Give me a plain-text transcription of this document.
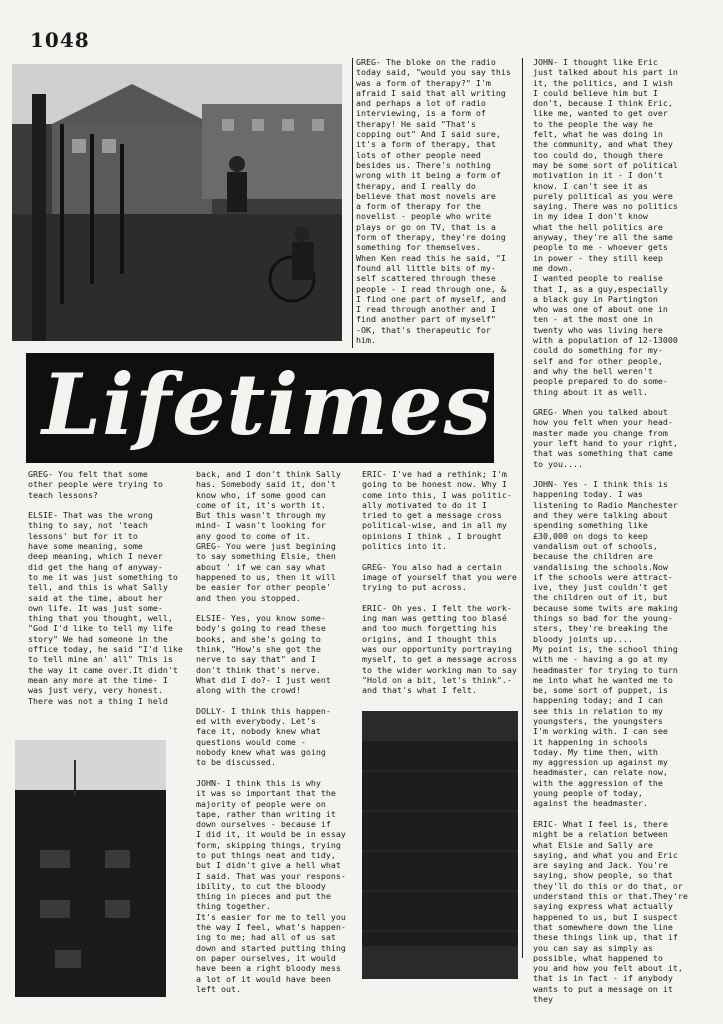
1048
GREG- The bloke on the radio
today said, "would you say this
was a form of therapy?" I'm
afraid I said that all writing
and perhaps a lot of radio
interviewing, is a form of
therapy! He said "That's
copping out" And I said sure,
it's a form of therapy, that
lots of other people need
besides us. There's nothing
wrong with it being a form of
therapy, and I really do
believe that most novels are
a form of therapy for the
novelist - people who write
plays or go on TV, that is a
form of therapy, they're doing
something for themselves.
When Ken read this he said, "I
found all little bits of my-
self scattered through these
people - I read through one, &
I find one part of myself, and
I read through another and I
find another part of myself"
-OK, that's therapeutic for
him.
JOHN- I thought like Eric
just talked about his part in
it, the politics, and I wish
I could believe him but I
don't, because I think Eric,
like me, wanted to get over
to the people the way he
felt, what he was doing in
the community, and what they
too could do, though there
may be some sort of political
motivation in it - I don't
know. I can't see it as
purely political as you were
saying. There was no politics
in my idea I don't know
what the hell politics are
anyway, they're all the same
people to me - whoever gets
in power - they still keep
me down.
I wanted people to realise
that I, as a guy,especially
a black guy in Partington
who was one of about one in
ten - at the most one in
twenty who was living here
with a population of 12-13000
could do something for my-
self and for other people,
and why the hell weren't
people prepared to do some-
thing about it as well.

GREG- When you talked about
how you felt when your head-
master made you change from
your left hand to your right,
that was something that came
to you....

JOHN- Yes - I think this is
happening today. I was
listening to Radio Manchester
and they were talking about
spending something like
£30,000 on dogs to keep
vandalism out of schools,
because the children are
vandalising the schools.Now
if the schools were attract-
ive, they just couldn't get
the children out of it, but
because some twits are making
things so bad for the young-
sters, they're breaking the
bloody joints up....
My point is, the school thing
with me - having a go at my
headmaster for trying to turn
me into what he wanted me to
be, some sort of puppet, is
happening today; and I can
see this in relation to my
youngsters, the youngsters
I'm working with. I can see
it happening in schools
today. My time then, with
my aggression up against my
headmaster, can relate now,
with the aggression of the
young people of today,
against the headmaster.

ERIC- What I feel is, there
might be a relation between
what Elsie and Sally are
saying, and what you and Eric
are saying and Jack. You're
saying, show people, so that
they'll do this or do that, or
understand this or that.They're
saying express what actually
happened to us, but I suspect
that somewhere down the line
these things link up, that if
you can say as simply as
possible, what happened to
you and how you felt about it,
that is in fact - if anybody
wants to put a message on it
they
Lifetimes
GREG- You felt that some
other people were trying to
teach lessons?

ELSIE- That was the wrong
thing to say, not 'teach
lessons' but for it to
have some meaning, some
deep meaning, which I never
did get the hang of anyway-
to me it was just something to
tell, and this is what Sally
said at the time, about her
own life. It was just some-
thing that you thought, well,
"God I'd like to tell my life
story" We had someone in the
office today, he said "I'd like
to tell mine an' all" This is
the way it came over.It didn't
mean any more at the time- I
was just very, very honest.
There was not a thing I held
back, and I don't think Sally
has. Somebody said it, don't
know who, if some good can
come of it, it's worth it.
But this wasn't through my
mind- I wasn't looking for
any good to come of it.
GREG- You were just begining
to say something Elsie, then
about ' if we can say what
happened to us, then it will
be easier for other people'
and then you stopped.

ELSIE- Yes, you know some-
body's going to read these
books, and she's going to
think, "How's she got the
nerve to say that" and I
don't think that's nerve.
What did I do?- I just went
along with the crowd!

DOLLY- I think this happen-
ed with everybody. Let's
face it, nobody knew what
questions would come -
nobody knew what was going
to be discussed.

JOHN- I think this is why
it was so important that the
majority of people were on
tape, rather than writing it
down ourselves - because if
I did it, it would be in essay
form, skipping things, trying
to put things neat and tidy,
but I didn't give a hell what
I said. That was your respons-
ibility, to cut the bloody
thing in pieces and put the
thing together.
It's easier for me to tell you
the way I feel, what's happen-
ing to me; had all of us sat
down and started putting thing
on paper ourselves, it would
have been a right bloody mess
a lot of it would have been
left out.
ERIC- I've had a rethink; I'm
going to be honest now. Why I
come into this, I was politic-
ally motivated to do it I
tried to get a message cross
political-wise, and in all my
opinions I think , I brought
politics into it.

GREG- You also had a certain
image of yourself that you were
trying to put across.

ERIC- Oh yes. I felt the work-
ing man was getting too blasé
and too much forgetting his
origins, and I thought this
was our opportunity portraying
myself, to get a message across
to the wider working man to say
"Hold on a bit, let's think".-
and that's what I felt.
